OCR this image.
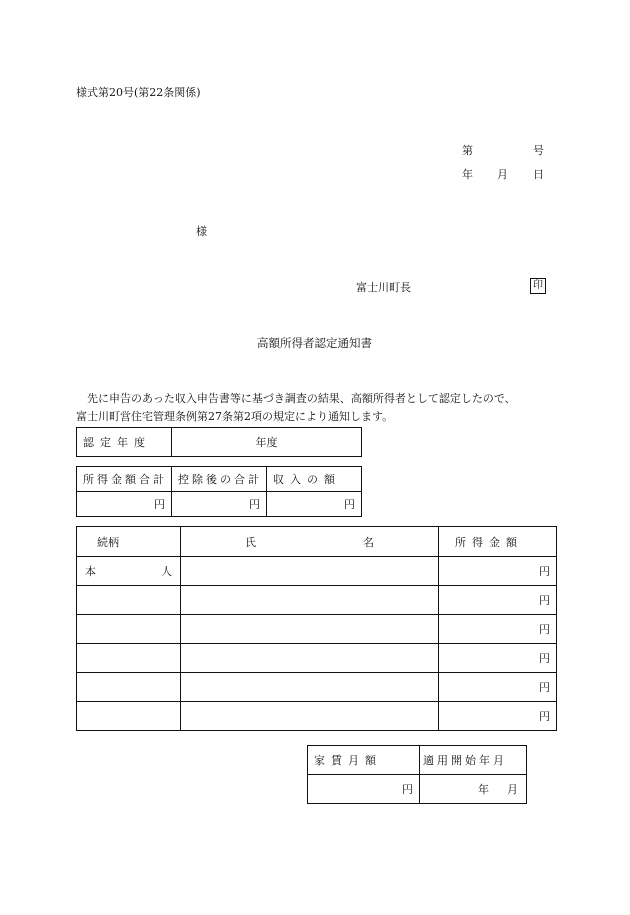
様式第20号(第22条関係)
第	号
年 月 日
様
富士川町長	印
高額所得者認定通知書

先に申告のあった収入申告書等に基づき調査の結果、高額所得者として認定したので、

富士川町営住宅管理条例第27条第2項の規定により通知します。

認定年度	年度
所得金額合計	控除後の合計	収入の額
円	円	円
続柄	氏 名	所得金額

本 人		円
		円
		円
		円
		円
		円
家賃月額	適用開始年月
円	年 月
